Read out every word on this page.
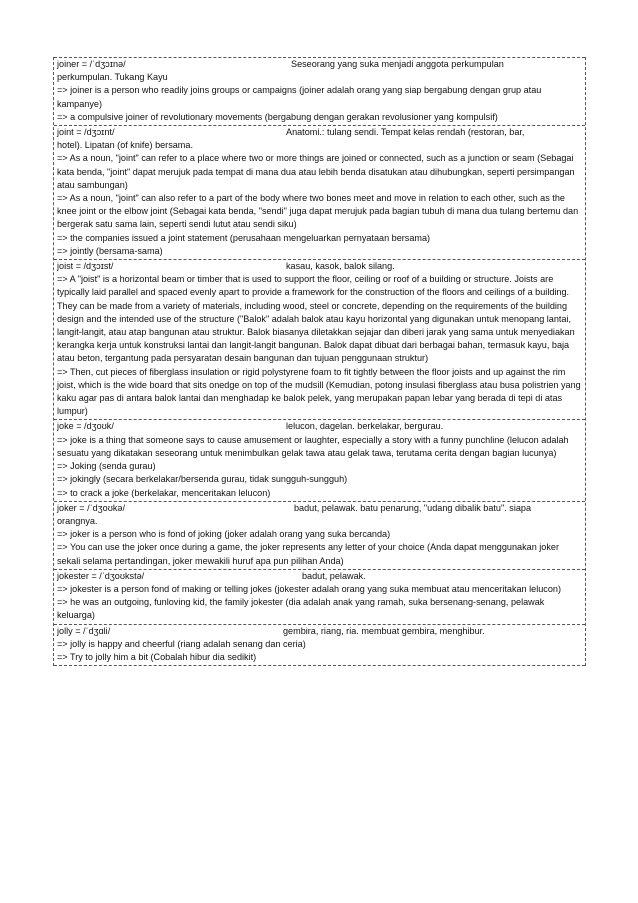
joiner = /ˈdʒɔɪnə/	Seseorang yang suka menjadi anggota perkumpulan
perkumpulan. Tukang Kayu
=> joiner is a person who readily joins groups or campaigns (joiner adalah orang yang siap bergabung dengan grup atau kampanye)
=> a compulsive joiner of revolutionary movements (bergabung dengan gerakan revolusioner yang kompulsif)
joint = /dʒɔɪnt/	Anatomi.: tulang sendi. Tempat kelas rendah (restoran, bar,
hotel). Lipatan (of knife) bersama.
=> As a noun, "joint" can refer to a place where two or more things are joined or connected, such as a junction or seam (Sebagai kata benda, "joint" dapat merujuk pada tempat di mana dua atau lebih benda disatukan atau dihubungkan, seperti persimpangan atau sambungan)
=> As a noun, "joint" can also refer to a part of the body where two bones meet and move in relation to each other, such as the knee joint or the elbow joint (Sebagai kata benda, "sendi" juga dapat merujuk pada bagian tubuh di mana dua tulang bertemu dan bergerak satu sama lain, seperti sendi lutut atau sendi siku)
=> the companies issued a joint statement (perusahaan mengeluarkan pernyataan bersama)
=> jointly (bersama-sama)
joist = /dʒɔɪst/	kasau, kasok, balok silang.
=> A "joist" is a horizontal beam or timber that is used to support the floor, ceiling or roof of a building or structure. Joists are typically laid parallel and spaced evenly apart to provide a framework for the construction of the floors and ceilings of a building. They can be made from a variety of materials, including wood, steel or concrete, depending on the requirements of the building design and the intended use of the structure ("Balok" adalah balok atau kayu horizontal yang digunakan untuk menopang lantai, langit-langit, atau atap bangunan atau struktur. Balok biasanya diletakkan sejajar dan diberi jarak yang sama untuk menyediakan kerangka kerja untuk konstruksi lantai dan langit-langit bangunan. Balok dapat dibuat dari berbagai bahan, termasuk kayu, baja atau beton, tergantung pada persyaratan desain bangunan dan tujuan penggunaan struktur)
=> Then, cut pieces of fiberglass insulation or rigid polystyrene foam to fit tightly between the floor joists and up against the rim joist, which is the wide board that sits onedge on top of the mudsill (Kemudian, potong insulasi fiberglass atau busa polistrien yang kaku agar pas di antara balok lantai dan menghadap ke balok pelek, yang merupakan papan lebar yang berada di tepi di atas lumpur)
joke = /dʒoʊk/	lelucon, dagelan. berkelakar, bergurau.
=> joke is a thing that someone says to cause amusement or laughter, especially a story with a funny punchline (lelucon adalah sesuatu yang dikatakan seseorang untuk menimbulkan gelak tawa atau gelak tawa, terutama cerita dengan bagian lucunya)
=> Joking (senda gurau)
=> jokingly (secara berkelakar/bersenda gurau, tidak sungguh-sungguh)
=> to crack a joke (berkelakar, menceritakan lelucon)
joker = /ˈdʒoʊkə/	badut, pelawak. batu penarung, "udang dibalik batu". siapa
orangnya.
=> joker is a person who is fond of joking (joker adalah orang yang suka bercanda)
=> You can use the joker once during a game, the joker represents any letter of your choice (Anda dapat menggunakan joker sekali selama pertandingan, joker mewakili huruf apa pun pilihan Anda)
jokester = /ˈdʒoʊkstə/	badut, pelawak.
=> jokester is a person fond of making or telling jokes (jokester adalah orang yang suka membuat atau menceritakan lelucon)
=> he was an outgoing, funloving kid, the family jokester (dia adalah anak yang ramah, suka bersenang-senang, pelawak keluarga)
jolly = /ˈdʒɑli/	gembira, riang, ria. membuat gembira, menghibur.
=> jolly is happy and cheerful (riang adalah senang dan ceria)
=> Try to jolly him a bit (Cobalah hibur dia sedikit)
